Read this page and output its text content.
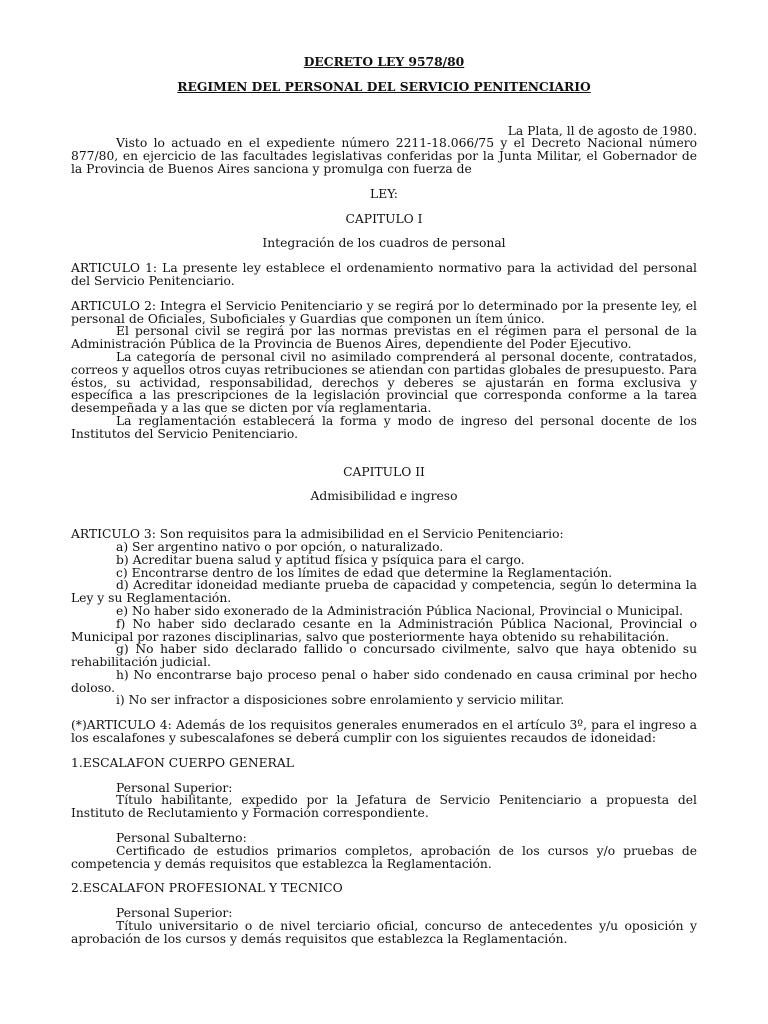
DECRETO LEY 9578/80

REGIMEN DEL PERSONAL DEL SERVICIO PENITENCIARIO

La Plata, ll de agosto de 1980.

Visto lo actuado en el expediente número 2211-18.066/75 y el Decreto Nacional número 877/80, en ejercicio de las facultades legislativas conferidas por la Junta Militar, el Gobernador de la Provincia de Buenos Aires sanciona y promulga con fuerza de

LEY:

CAPITULO I

Integración de los cuadros de personal

ARTICULO 1: La presente ley establece el ordenamiento normativo para la actividad del personal del Servicio Penitenciario.

ARTICULO 2: Integra el Servicio Penitenciario y se regirá por lo determinado por la presente ley, el personal de Oficiales, Suboficiales y Guardias que componen un ítem único.

El personal civil se regirá por las normas previstas en el régimen para el personal de la Administración Pública de la Provincia de Buenos Aires, dependiente del Poder Ejecutivo.

La categoría de personal civil no asimilado comprenderá al personal docente, contratados, correos y aquellos otros cuyas retribuciones se atiendan con partidas globales de presupuesto. Para éstos, su actividad, responsabilidad, derechos y deberes se ajustarán en forma exclusiva y específica a las prescripciones de la legislación provincial que corresponda conforme a la tarea desempeñada y a las que se dicten por vía reglamentaria.

La reglamentación establecerá la forma y modo de ingreso del personal docente de los Institutos del Servicio Penitenciario.

CAPITULO II

Admisibilidad e ingreso

ARTICULO 3: Son requisitos para la admisibilidad en el Servicio Penitenciario:

a) Ser argentino nativo o por opción, o naturalizado.

b) Acreditar buena salud y aptitud física y psíquica para el cargo.

c) Encontrarse dentro de los límites de edad que determine la Reglamentación.

d) Acreditar idoneidad mediante prueba de capacidad y competencia, según lo determina la Ley y su Reglamentación.

e) No haber sido exonerado de la Administración Pública Nacional, Provincial o Municipal.

f) No haber sido declarado cesante en la Administración Pública Nacional, Provincial o Municipal por razones disciplinarias, salvo que posteriormente haya obtenido su rehabilitación.

g) No haber sido declarado fallido o concursado civilmente, salvo que haya obtenido su rehabilitación judicial.

h) No encontrarse bajo proceso penal o haber sido condenado en causa criminal por hecho doloso.

i) No ser infractor a disposiciones sobre enrolamiento y servicio militar.

(*)ARTICULO 4: Además de los requisitos generales enumerados en el artículo 3º, para el ingreso a los escalafones y subescalafones se deberá cumplir con los siguientes recaudos de idoneidad:

1.ESCALAFON CUERPO GENERAL

Personal Superior:

Título habilitante, expedido por la Jefatura de Servicio Penitenciario a propuesta del Instituto de Reclutamiento y Formación correspondiente.

Personal Subalterno:

Certificado de estudios primarios completos, aprobación de los cursos y/o pruebas de competencia y demás requisitos que establezca la Reglamentación.

2.ESCALAFON PROFESIONAL Y TECNICO

Personal Superior:

Título universitario o de nivel terciario oficial, concurso de antecedentes y/u oposición y aprobación de los cursos y demás requisitos que establezca la Reglamentación.
